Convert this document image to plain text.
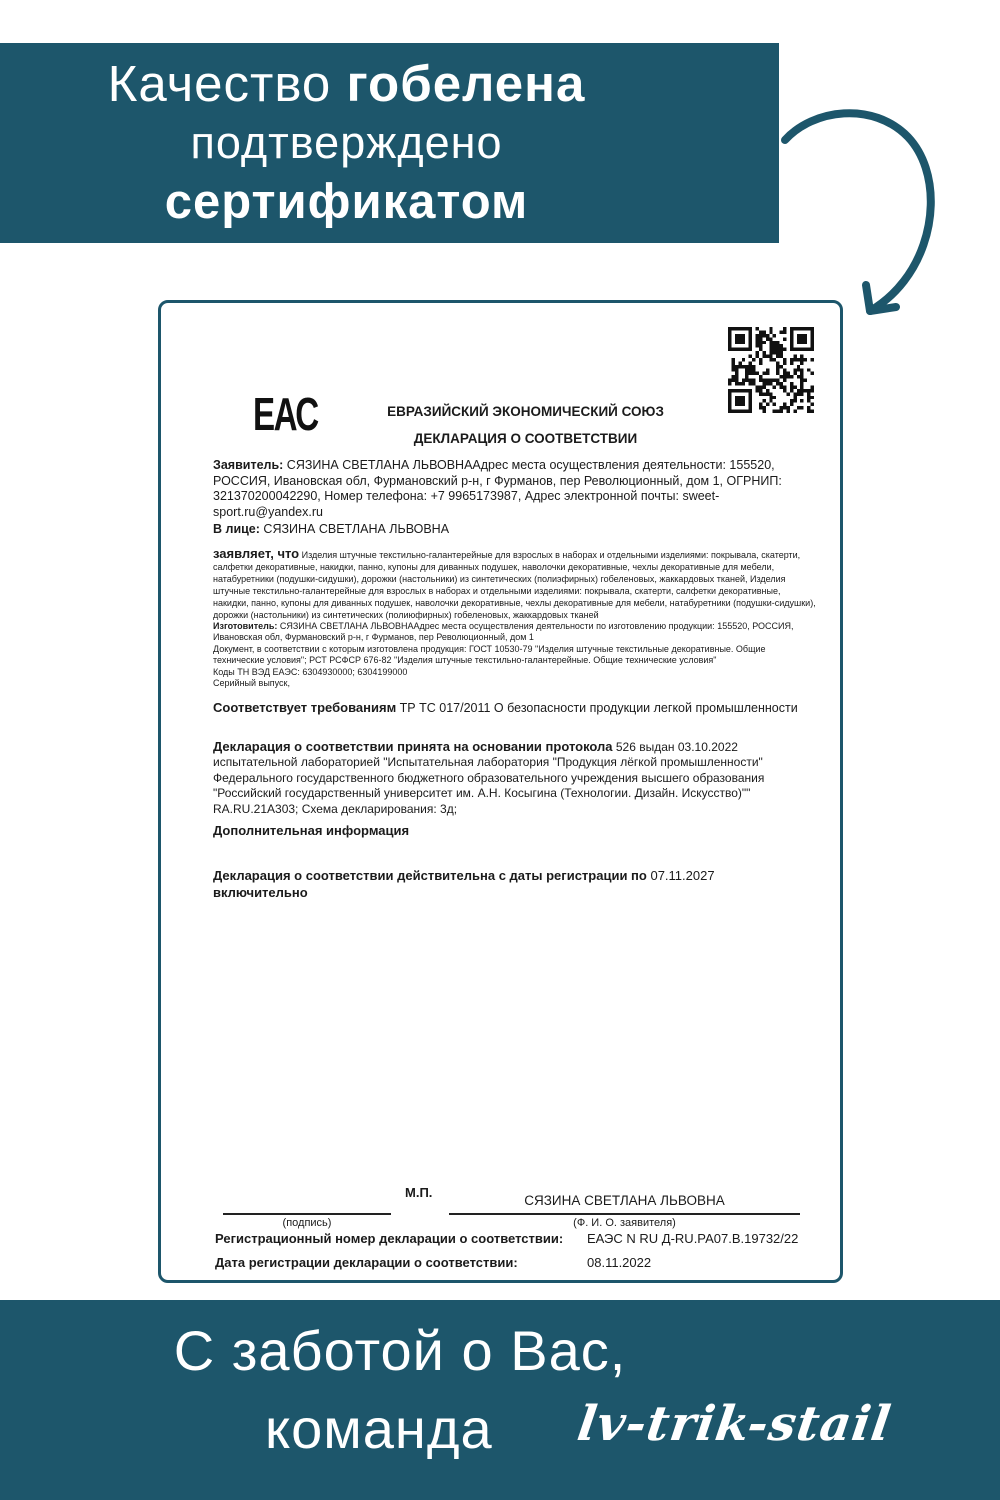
Качество гобелена
подтверждено
сертификатом
ЕАС	ЕВРАЗИЙСКИЙ ЭКОНОМИЧЕСКИЙ СОЮЗ
ДЕКЛАРАЦИЯ О СООТВЕТСТВИИ

Заявитель: СЯЗИНА СВЕТЛАНА ЛЬВОВНААдрес места осуществления деятельности: 155520, РОССИЯ, Ивановская обл, Фурмановский р-н, г Фурманов, пер Революционный, дом 1, ОГРНИП: 321370200042290, Номер телефона: +7 9965173987, Адрес электронной почты: sweet-sport.ru@yandex.ru

В лице: СЯЗИНА СВЕТЛАНА ЛЬВОВНА

заявляет, что Изделия штучные текстильно-галантерейные для взрослых в наборах и отдельными изделиями: покрывала, скатерти, салфетки декоративные, накидки, панно, купоны для диванных подушек, наволочки декоративные, чехлы декоративные для мебели, натабуретники (подушки-сидушки), дорожки (настольники) из синтетических (полиэфирных) гобеленовых, жаккардовых тканей, Изделия штучные текстильно-галантерейные для взрослых в наборах и отдельными изделиями: покрывала, скатерти, салфетки декоративные, накидки, панно, купоны для диванных подушек, наволочки декоративные, чехлы декоративные для мебели, натабуретники (подушки-сидушки), дорожки (настольники) из синтетических (полиюфирных) гобеленовых, жаккардовых тканей

Изготовитель: СЯЗИНА СВЕТЛАНА ЛЬВОВНААдрес места осуществления деятельности по изготовлению продукции: 155520, РОССИЯ, Ивановская обл, Фурмановский р-н, г Фурманов, пер Революционный, дом 1

Документ, в соответствии с которым изготовлена продукция: ГОСТ 10530-79 "Изделия штучные текстильные декоративные. Общие технические условия"; РСТ РСФСР 676-82 "Изделия штучные текстильно-галантерейные. Общие технические условия"

Коды ТН ВЭД ЕАЭС: 6304930000; 6304199000

Серийный выпуск,

Соответствует требованиям ТР ТС 017/2011 О безопасности продукции легкой промышленности

Декларация о соответствии принята на основании протокола 526 выдан 03.10.2022 испытательной лабораторией "Испытательная лаборатория "Продукция лёгкой промышленности" Федерального государственного бюджетного образовательного учреждения высшего образования "Российский государственный университет им. А.Н. Косыгина (Технологии. Дизайн. Искусство)"" RA.RU.21А303; Схема декларирования: 3д;

Дополнительная информация

Декларация о соответствии действительна с даты регистрации по 07.11.2027
включительно

М.П.
СЯЗИНА СВЕТЛАНА ЛЬВОВНА
(подпись)	(Ф. И. О. заявителя)
Регистрационный номер декларации о соответствии: ЕАЭС N RU Д-RU.РА07.В.19732/22
Дата регистрации декларации о соответствии:	08.11.2022
С заботой о Вас,
команда lv-trik-stail
